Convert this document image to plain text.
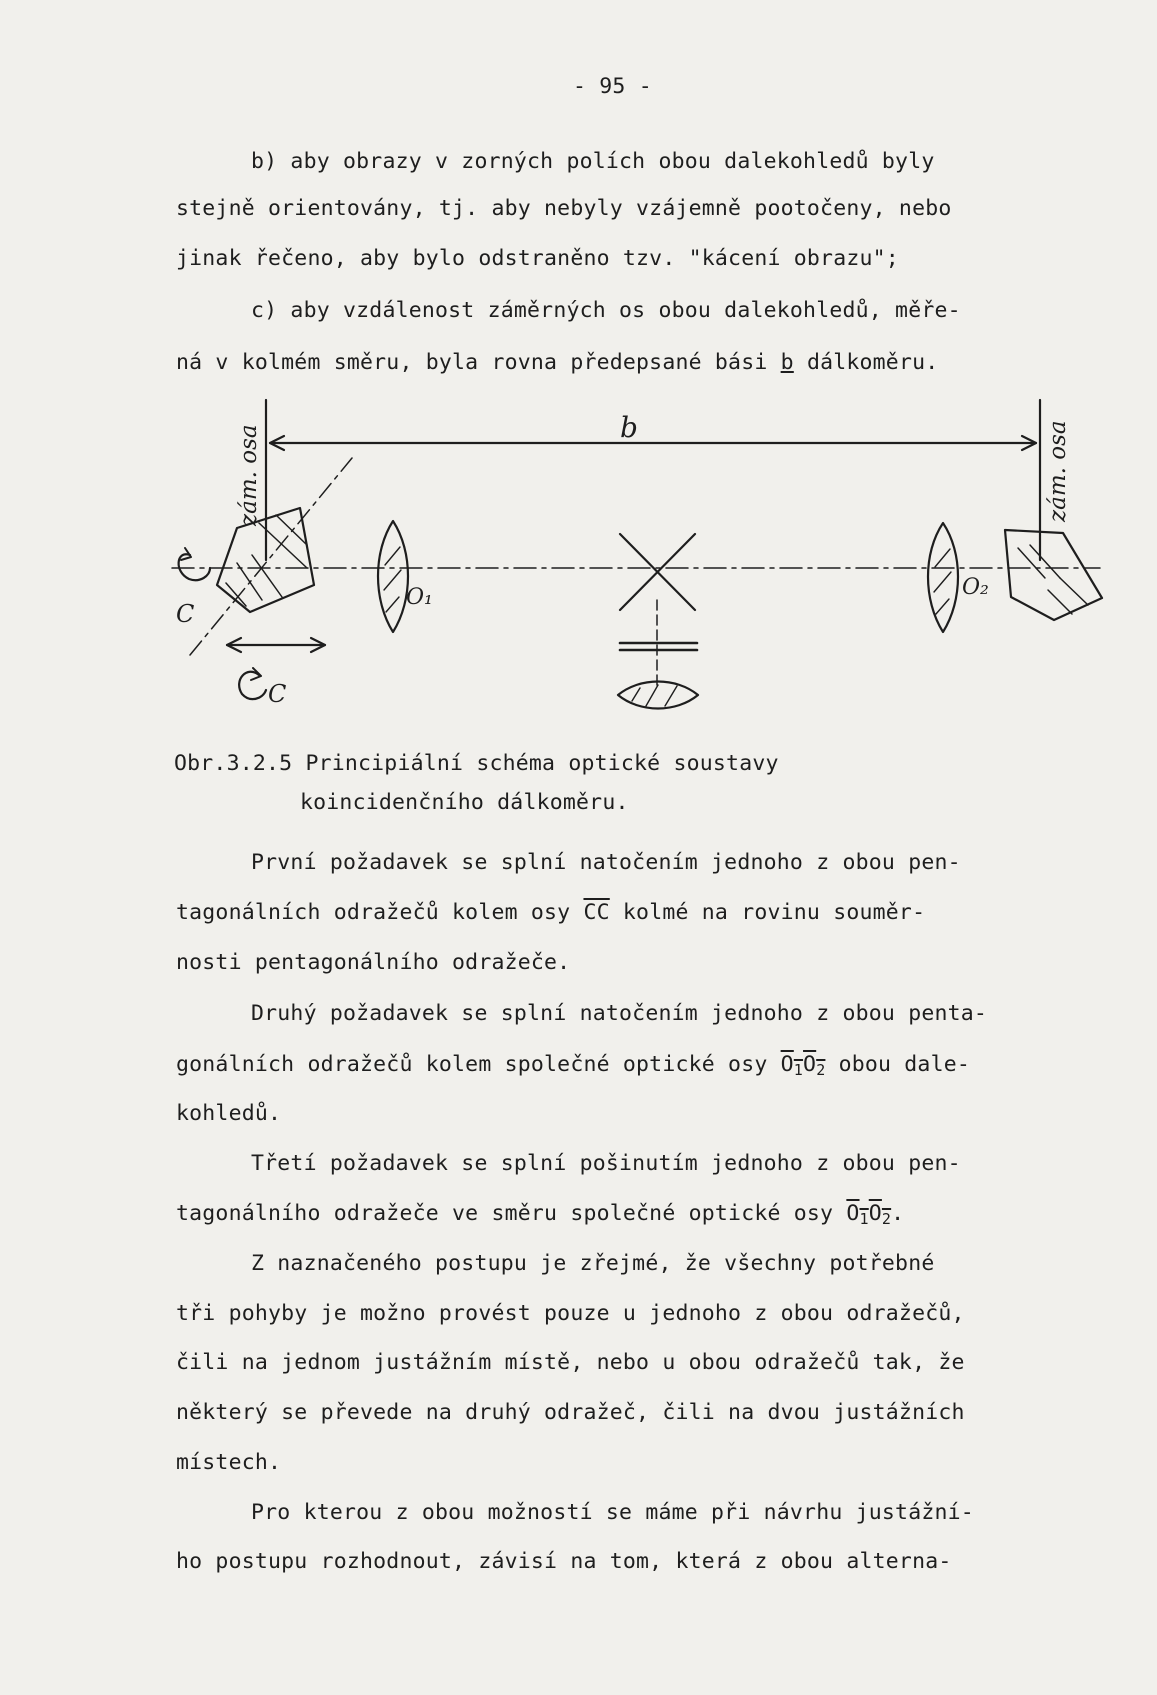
- 95 -

b) aby obrazy v zorných polích obou dalekohledů byly

stejně orientovány, tj. aby nebyly vzájemně pootočeny, nebo

jinak řečeno, aby bylo odstraněno tzv. "kácení obrazu";

c) aby vzdálenost záměrných os obou dalekohledů, měře-

ná v kolmém směru, byla rovna předepsané bási b dálkoměru.

zám. osa	zám. osa
b
O₁	O₂
C
C

Obr.3.2.5 Principiální schéma optické soustavy

koincidenčního dálkoměru.

První požadavek se splní natočením jednoho z obou pen-

tagonálních odražečů kolem osy $\overline{CC}$ kolmé na rovinu souměr-

nosti pentagonálního odražeče.

Druhý požadavek se splní natočením jednoho z obou penta-

gonálních odražečů kolem společné optické osy O1O2 obou dale-

kohledů.

Třetí požadavek se splní pošinutím jednoho z obou pen-

tagonálního odražeče ve směru společné optické osy O1O2.

Z naznačeného postupu je zřejmé, že všechny potřebné

tři pohyby je možno provést pouze u jednoho z obou odražečů,

čili na jednom justážním místě, nebo u obou odražečů tak, že

některý se převede na druhý odražeč, čili na dvou justážních

místech.

Pro kterou z obou možností se máme při návrhu justážní-

ho postupu rozhodnout, závisí na tom, která z obou alterna-
